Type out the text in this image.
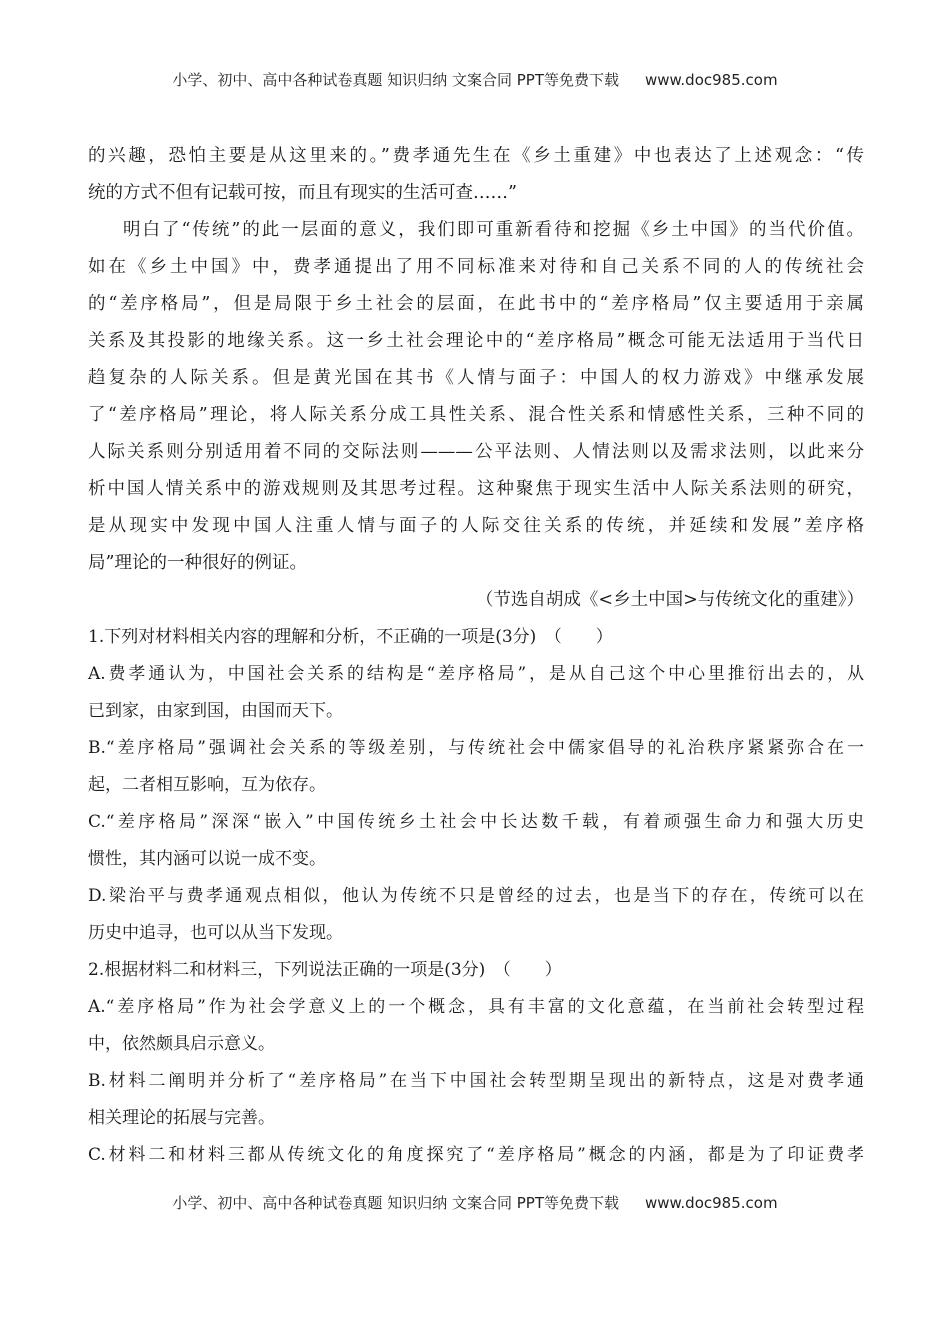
小学、初中、高中各种试卷真题 知识归纳 文案合同 PPT等免费下载 www.doc985.com
的兴趣，恐怕主要是从这里来的。”费孝通先生在《乡土重建》中也表达了上述观念：“传
统的方式不但有记载可按，而且有现实的生活可查……”
明白了“传统”的此一层面的意义，我们即可重新看待和挖掘《乡土中国》的当代价值。
如在《乡土中国》中，费孝通提出了用不同标准来对待和自己关系不同的人的传统社会
的“差序格局”，但是局限于乡土社会的层面，在此书中的“差序格局”仅主要适用于亲属
关系及其投影的地缘关系。这一乡土社会理论中的“差序格局”概念可能无法适用于当代日
趋复杂的人际关系。但是黄光国在其书《人情与面子：中国人的权力游戏》中继承发展
了“差序格局”理论，将人际关系分成工具性关系、混合性关系和情感性关系，三种不同的
人际关系则分别适用着不同的交际法则———公平法则、人情法则以及需求法则，以此来分
析中国人情关系中的游戏规则及其思考过程。这种聚焦于现实生活中人际关系法则的研究，
是从现实中发现中国人注重人情与面子的人际交往关系的传统，并延续和发展”差序格
局”理论的一种很好的例证。
（节选自胡成《<乡土中国>与传统文化的重建》）
1.下列对材料相关内容的理解和分析，不正确的一项是(3分)　（　　）
A.费孝通认为，中国社会关系的结构是“差序格局”，是从自己这个中心里推衍出去的，从
已到家，由家到国，由国而天下。
B.“差序格局”强调社会关系的等级差别，与传统社会中儒家倡导的礼治秩序紧紧弥合在一
起，二者相互影响，互为依存。
C.“差序格局”深深“嵌入”中国传统乡土社会中长达数千载，有着顽强生命力和强大历史
惯性，其内涵可以说一成不变。
D.梁治平与费孝通观点相似，他认为传统不只是曾经的过去，也是当下的存在，传统可以在
历史中追寻，也可以从当下发现。
2.根据材料二和材料三，下列说法正确的一项是(3分)　（　　）
A.“差序格局”作为社会学意义上的一个概念，具有丰富的文化意蕴，在当前社会转型过程
中，依然颇具启示意义。
B.材料二阐明并分析了“差序格局”在当下中国社会转型期呈现出的新特点，这是对费孝通
相关理论的拓展与完善。
C.材料二和材料三都从传统文化的角度探究了“差序格局”概念的内涵，都是为了印证费孝
小学、初中、高中各种试卷真题 知识归纳 文案合同 PPT等免费下载 www.doc985.com
